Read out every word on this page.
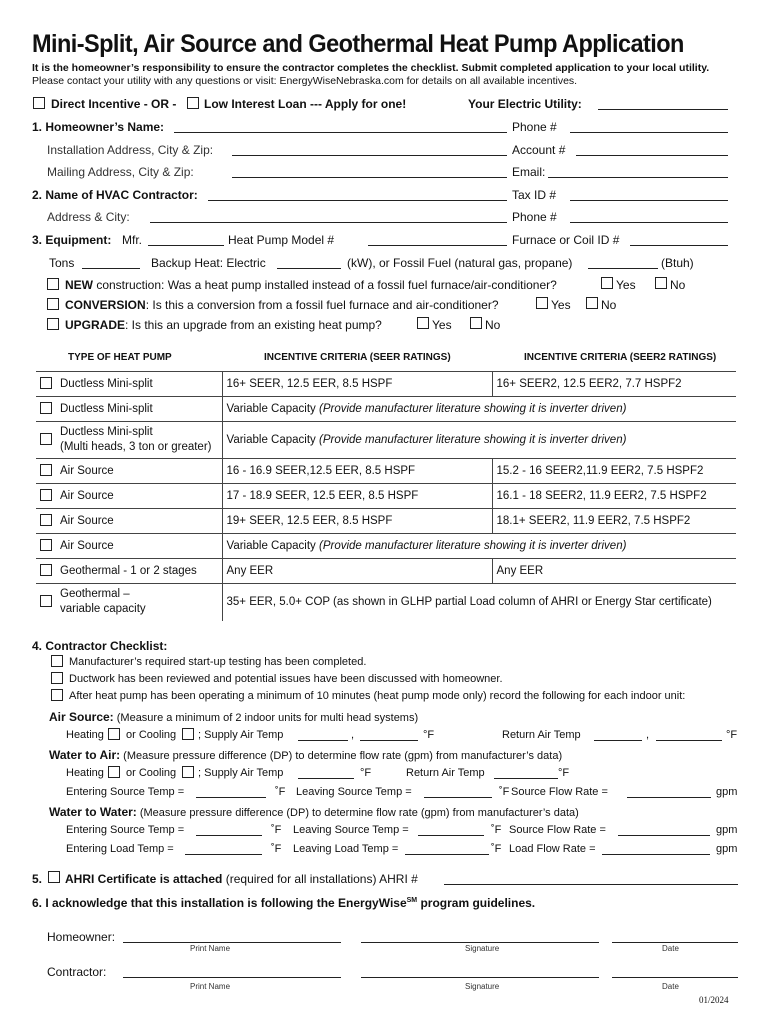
Mini-Split, Air Source and Geothermal Heat Pump Application
It is the homeowner’s responsibility to ensure the contractor completes the checklist. Submit completed application to your local utility. Please contact your utility with any questions or visit: EnergyWiseNebraska.com for details on all available incentives.
Direct Incentive - OR - Low Interest Loan --- Apply for one!	Your Electric Utility:
1. Homeowner’s Name:	Phone #
Installation Address, City & Zip:	Account #
Mailing Address, City & Zip:	Email:
2. Name of HVAC Contractor:	Tax ID #
Address & City:	Phone #
3. Equipment: Mfr.	Heat Pump Model #	Furnace or Coil ID #
Tons	Backup Heat: Electric	(kW), or Fossil Fuel (natural gas, propane)	(Btuh)
NEW construction: Was a heat pump installed instead of a fossil fuel furnace/air-conditioner?	Yes	No
CONVERSION: Is this a conversion from a fossil fuel furnace and air-conditioner?	Yes	No
UPGRADE: Is this an upgrade from an existing heat pump?	Yes	No
TYPE OF HEAT PUMP	INCENTIVE CRITERIA (SEER RATINGS)	INCENTIVE CRITERIA (SEER2 RATINGS)
Ductless Mini-split	16+ SEER, 12.5 EER, 8.5 HSPF	16+ SEER2, 12.5 EER2, 7.7 HSPF2

Ductless Mini-split	Variable Capacity (Provide manufacturer literature showing it is inverter driven)	

Ductless Mini-split
(Multi heads, 3 ton or greater)	Variable Capacity (Provide manufacturer literature showing it is inverter driven)	

Air Source	16 - 16.9 SEER,12.5 EER, 8.5 HSPF	15.2 - 16 SEER2,11.9 EER2, 7.5 HSPF2

Air Source	17 - 18.9 SEER, 12.5 EER, 8.5 HSPF	16.1 - 18 SEER2, 11.9 EER2, 7.5 HSPF2

Air Source	19+ SEER, 12.5 EER, 8.5 HSPF	18.1+ SEER2, 11.9 EER2, 7.5 HSPF2

Air Source	Variable Capacity (Provide manufacturer literature showing it is inverter driven)	

Geothermal - 1 or 2 stages	Any EER	Any EER

Geothermal –
variable capacity	35+ EER, 5.0+ COP (as shown in GLHP partial Load column of AHRI or Energy Star certificate)	
4. Contractor Checklist:
Manufacturer’s required start-up testing has been completed.
Ductwork has been reviewed and potential issues have been discussed with homeowner.
After heat pump has been operating a minimum of 10 minutes (heat pump mode only) record the following for each indoor unit:
Air Source: (Measure a minimum of 2 indoor units for multi head systems)
Heating or Cooling ; Supply Air Temp	,	°F	Return Air Temp	,	°F
Water to Air: (Measure pressure difference (DP) to determine flow rate (gpm) from manufacturer’s data)
Heating or Cooling ; Supply Air Temp	°F	Return Air Temp	°F
Entering Source Temp =	˚F Leaving Source Temp =	˚F Source Flow Rate =	gpm
Water to Water: (Measure pressure difference (DP) to determine flow rate (gpm) from manufacturer’s data)
Entering Source Temp =	˚F Leaving Source Temp =	˚F Source Flow Rate =	gpm
Entering Load Temp =	˚F Leaving Load Temp =	˚F Load Flow Rate =	gpm
5. AHRI Certificate is attached (required for all installations) AHRI #
6. I acknowledge that this installation is following the EnergyWise℠ program guidelines.
Homeowner:
Print Name	Signature	Date
Contractor:
Print Name	Signature	Date
01/2024
